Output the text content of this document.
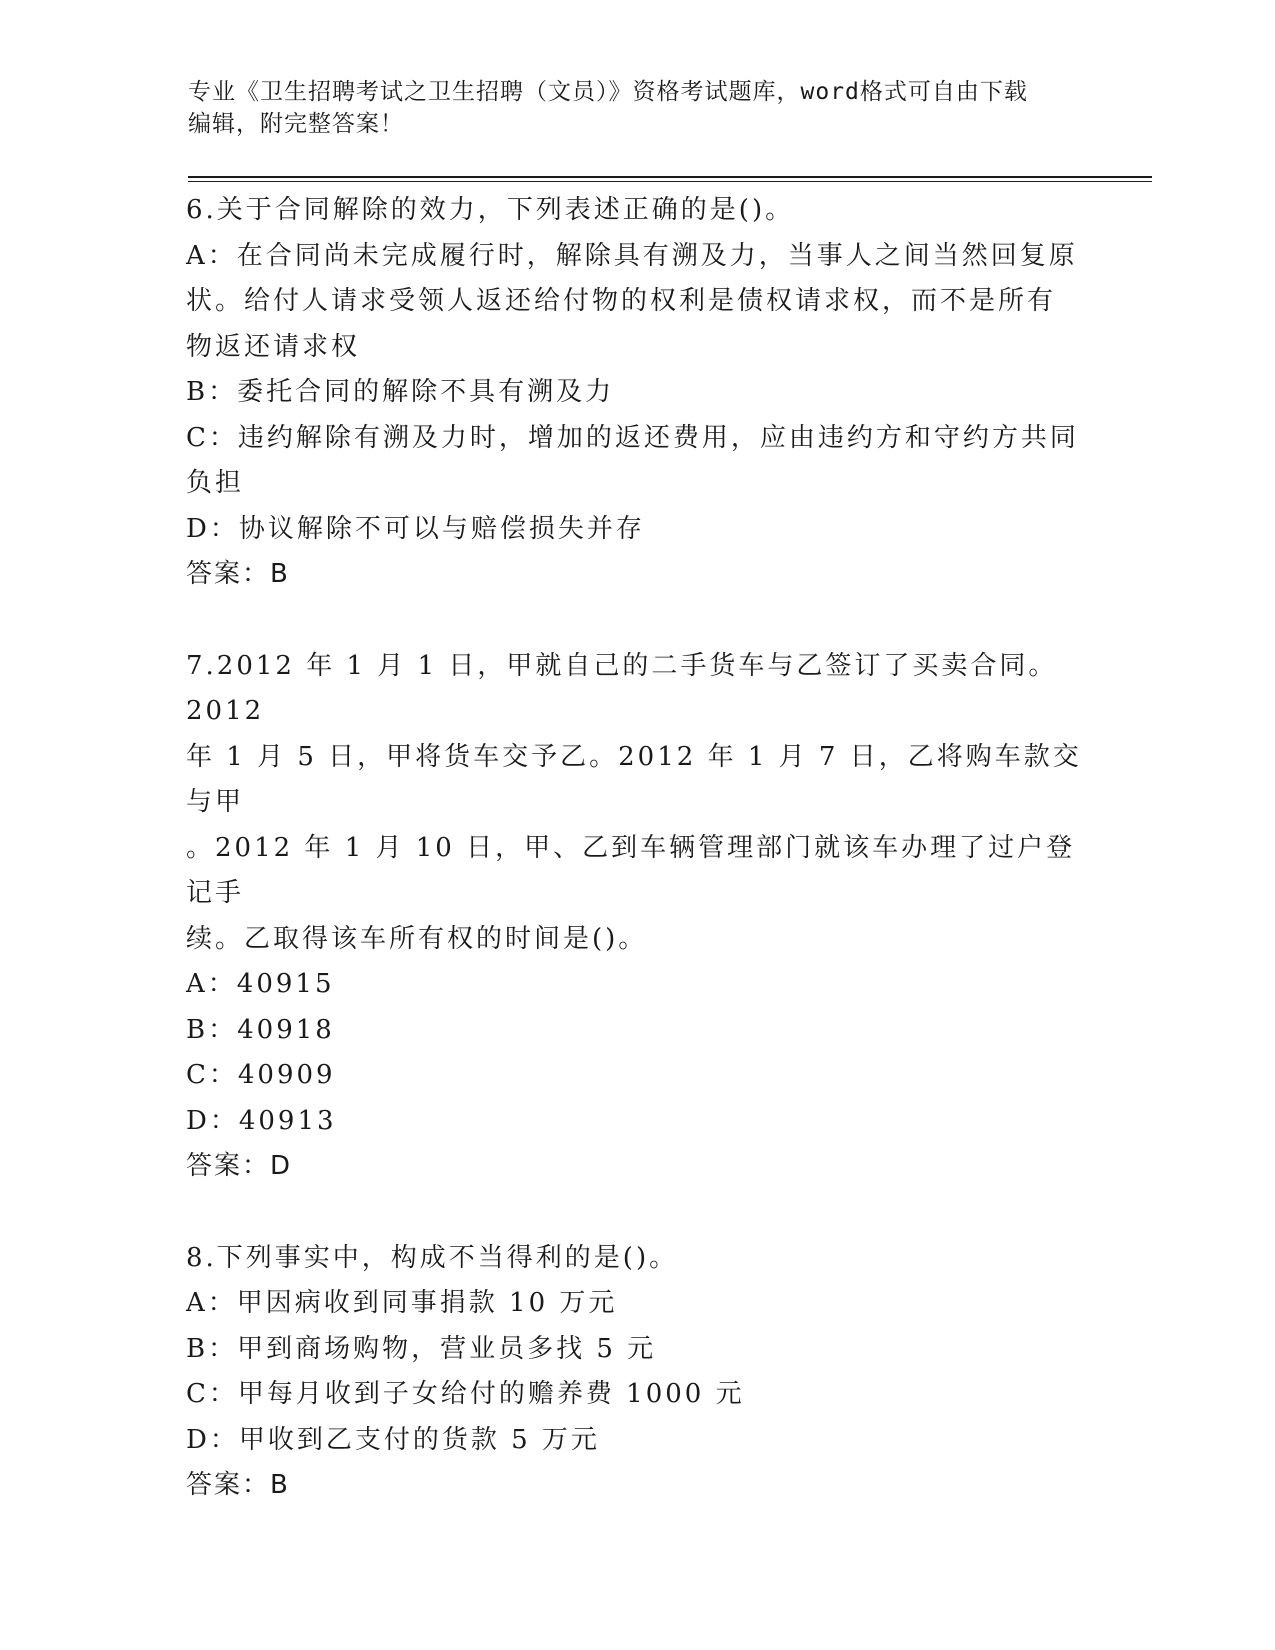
专业《卫生招聘考试之卫生招聘（文员）》资格考试题库，word格式可自由下载
编辑，附完整答案！
6.关于合同解除的效力，下列表述正确的是()。
A：在合同尚未完成履行时，解除具有溯及力，当事人之间当然回复原
状。给付人请求受领人返还给付物的权利是债权请求权，而不是所有
物返还请求权
B：委托合同的解除不具有溯及力
C：违约解除有溯及力时，增加的返还费用，应由违约方和守约方共同
负担
D：协议解除不可以与赔偿损失并存
答案：B
7.2012 年 1 月 1 日，甲就自己的二手货车与乙签订了买卖合同。2012
年 1 月 5 日，甲将货车交予乙。2012 年 1 月 7 日，乙将购车款交与甲
。2012 年 1 月 10 日，甲、乙到车辆管理部门就该车办理了过户登记手
续。乙取得该车所有权的时间是()。
A：40915
B：40918
C：40909
D：40913
答案：D
8.下列事实中，构成不当得利的是()。
A：甲因病收到同事捐款 10 万元
B：甲到商场购物，营业员多找 5 元
C：甲每月收到子女给付的赡养费 1000 元
D：甲收到乙支付的货款 5 万元
答案：B
